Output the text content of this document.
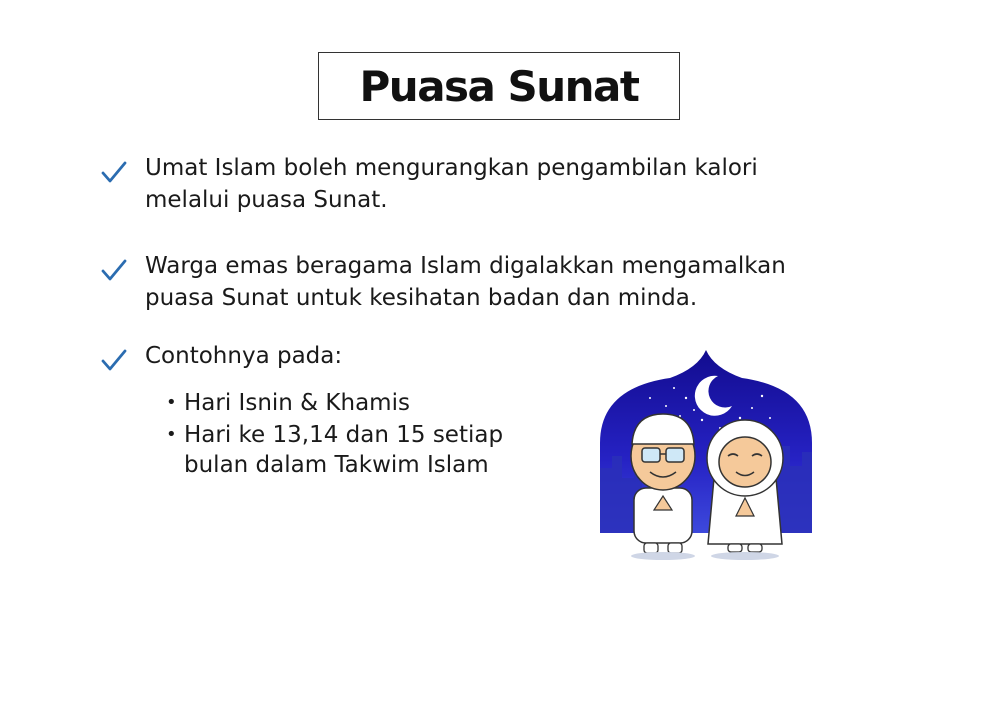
Puasa Sunat
Umat Islam boleh mengurangkan pengambilan kalori
melalui puasa Sunat.
Warga emas beragama Islam digalakkan mengamalkan
puasa Sunat untuk kesihatan badan dan minda.
Contohnya pada:
• Hari Isnin & Khamis
• Hari ke 13,14 dan 15 setiap
bulan dalam Takwim Islam
